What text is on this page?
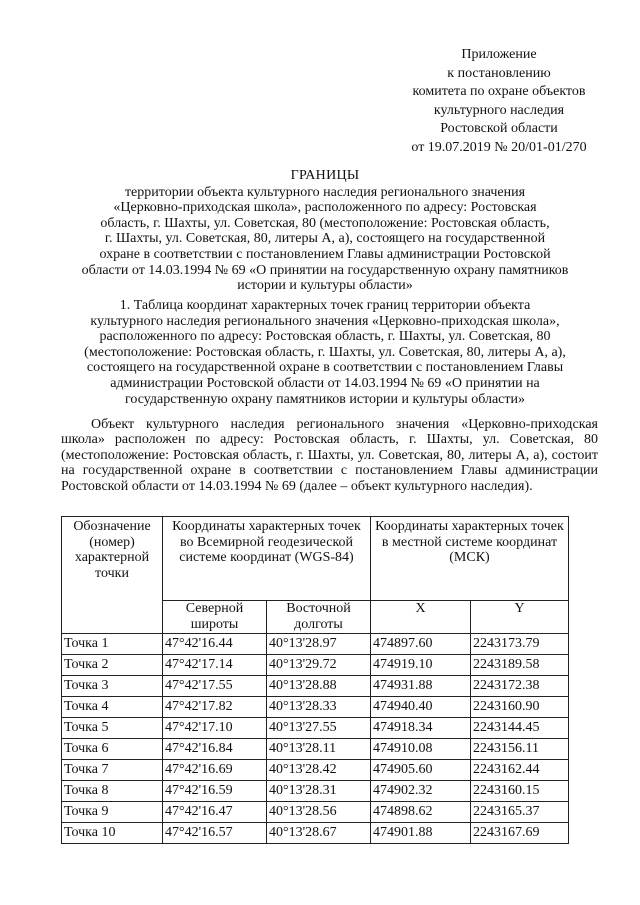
Приложение
к постановлению
комитета по охране объектов
культурного наследия
Ростовской области
от 19.07.2019 № 20/01-01/270
ГРАНИЦЫ
территории объекта культурного наследия регионального значения
«Церковно-приходская школа», расположенного по адресу: Ростовская
область, г. Шахты, ул. Советская, 80 (местоположение: Ростовская область,
г. Шахты, ул. Советская, 80, литеры А, а), состоящего на государственной
охране в соответствии с постановлением Главы администрации Ростовской
области от 14.03.1994 № 69 «О принятии на государственную охрану памятников
истории и культуры области»
1. Таблица координат характерных точек границ территории объекта
культурного наследия регионального значения «Церковно-приходская школа»,
расположенного по адресу: Ростовская область, г. Шахты, ул. Советская, 80
(местоположение: Ростовская область, г. Шахты, ул. Советская, 80, литеры А, а),
состоящего на государственной охране в соответствии с постановлением Главы
администрации Ростовской области от 14.03.1994 № 69 «О принятии на
государственную охрану памятников истории и культуры области»
Объект культурного наследия регионального значения «Церковно-приходская школа» расположен по адресу: Ростовская область, г. Шахты, ул. Советская, 80 (местоположение: Ростовская область, г. Шахты, ул. Советская, 80, литеры А, а), состоит на государственной охране в соответствии с постановлением Главы администрации Ростовской области от 14.03.1994 № 69 (далее – объект культурного наследия).
Обозначение (номер) характерной точки	Координаты характерных точек во Всемирной геодезической системе координат (WGS-84)		Координаты характерных точек в местной системе координат (МСК)	
	Северной широты	Восточной долготы	X	Y
Точка 1	47°42'16.44	40°13'28.97	474897.60	2243173.79
Точка 2	47°42'17.14	40°13'29.72	474919.10	2243189.58
Точка 3	47°42'17.55	40°13'28.88	474931.88	2243172.38
Точка 4	47°42'17.82	40°13'28.33	474940.40	2243160.90
Точка 5	47°42'17.10	40°13'27.55	474918.34	2243144.45
Точка 6	47°42'16.84	40°13'28.11	474910.08	2243156.11
Точка 7	47°42'16.69	40°13'28.42	474905.60	2243162.44
Точка 8	47°42'16.59	40°13'28.31	474902.32	2243160.15
Точка 9	47°42'16.47	40°13'28.56	474898.62	2243165.37
Точка 10	47°42'16.57	40°13'28.67	474901.88	2243167.69
